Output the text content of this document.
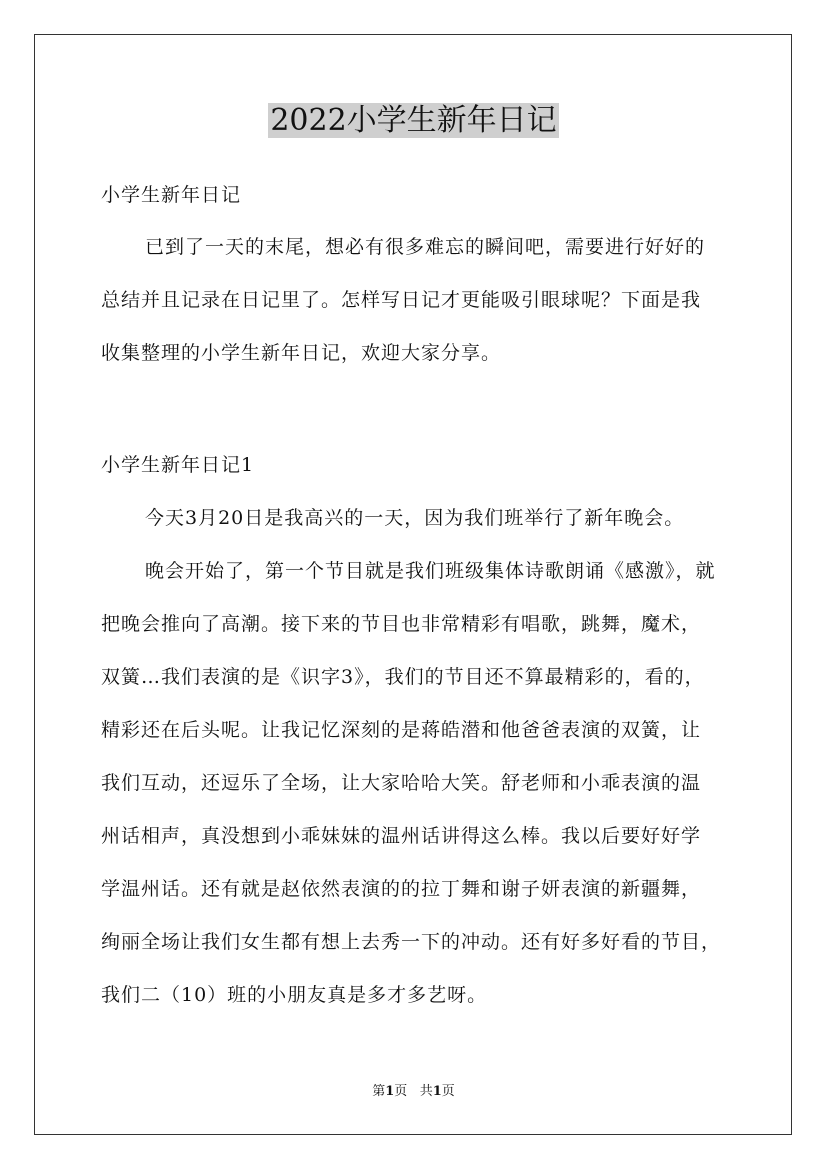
2022小学生新年日记
小学生新年日记
已到了一天的末尾，想必有很多难忘的瞬间吧，需要进行好好的
总结并且记录在日记里了。怎样写日记才更能吸引眼球呢？下面是我
收集整理的小学生新年日记，欢迎大家分享。
小学生新年日记1
今天3月20日是我高兴的一天，因为我们班举行了新年晚会。
晚会开始了，第一个节目就是我们班级集体诗歌朗诵《感激》，就
把晚会推向了高潮。接下来的节目也非常精彩有唱歌，跳舞，魔术，
双簧…我们表演的是《识字3》，我们的节目还不算最精彩的，看的，
精彩还在后头呢。让我记忆深刻的是蒋皓潜和他爸爸表演的双簧，让
我们互动，还逗乐了全场，让大家哈哈大笑。舒老师和小乖表演的温
州话相声，真没想到小乖妹妹的温州话讲得这么棒。我以后要好好学
学温州话。还有就是赵依然表演的的拉丁舞和谢子妍表演的新疆舞，
绚丽全场让我们女生都有想上去秀一下的冲动。还有好多好看的节目，
我们二（10）班的小朋友真是多才多艺呀。
第1页 共1页
